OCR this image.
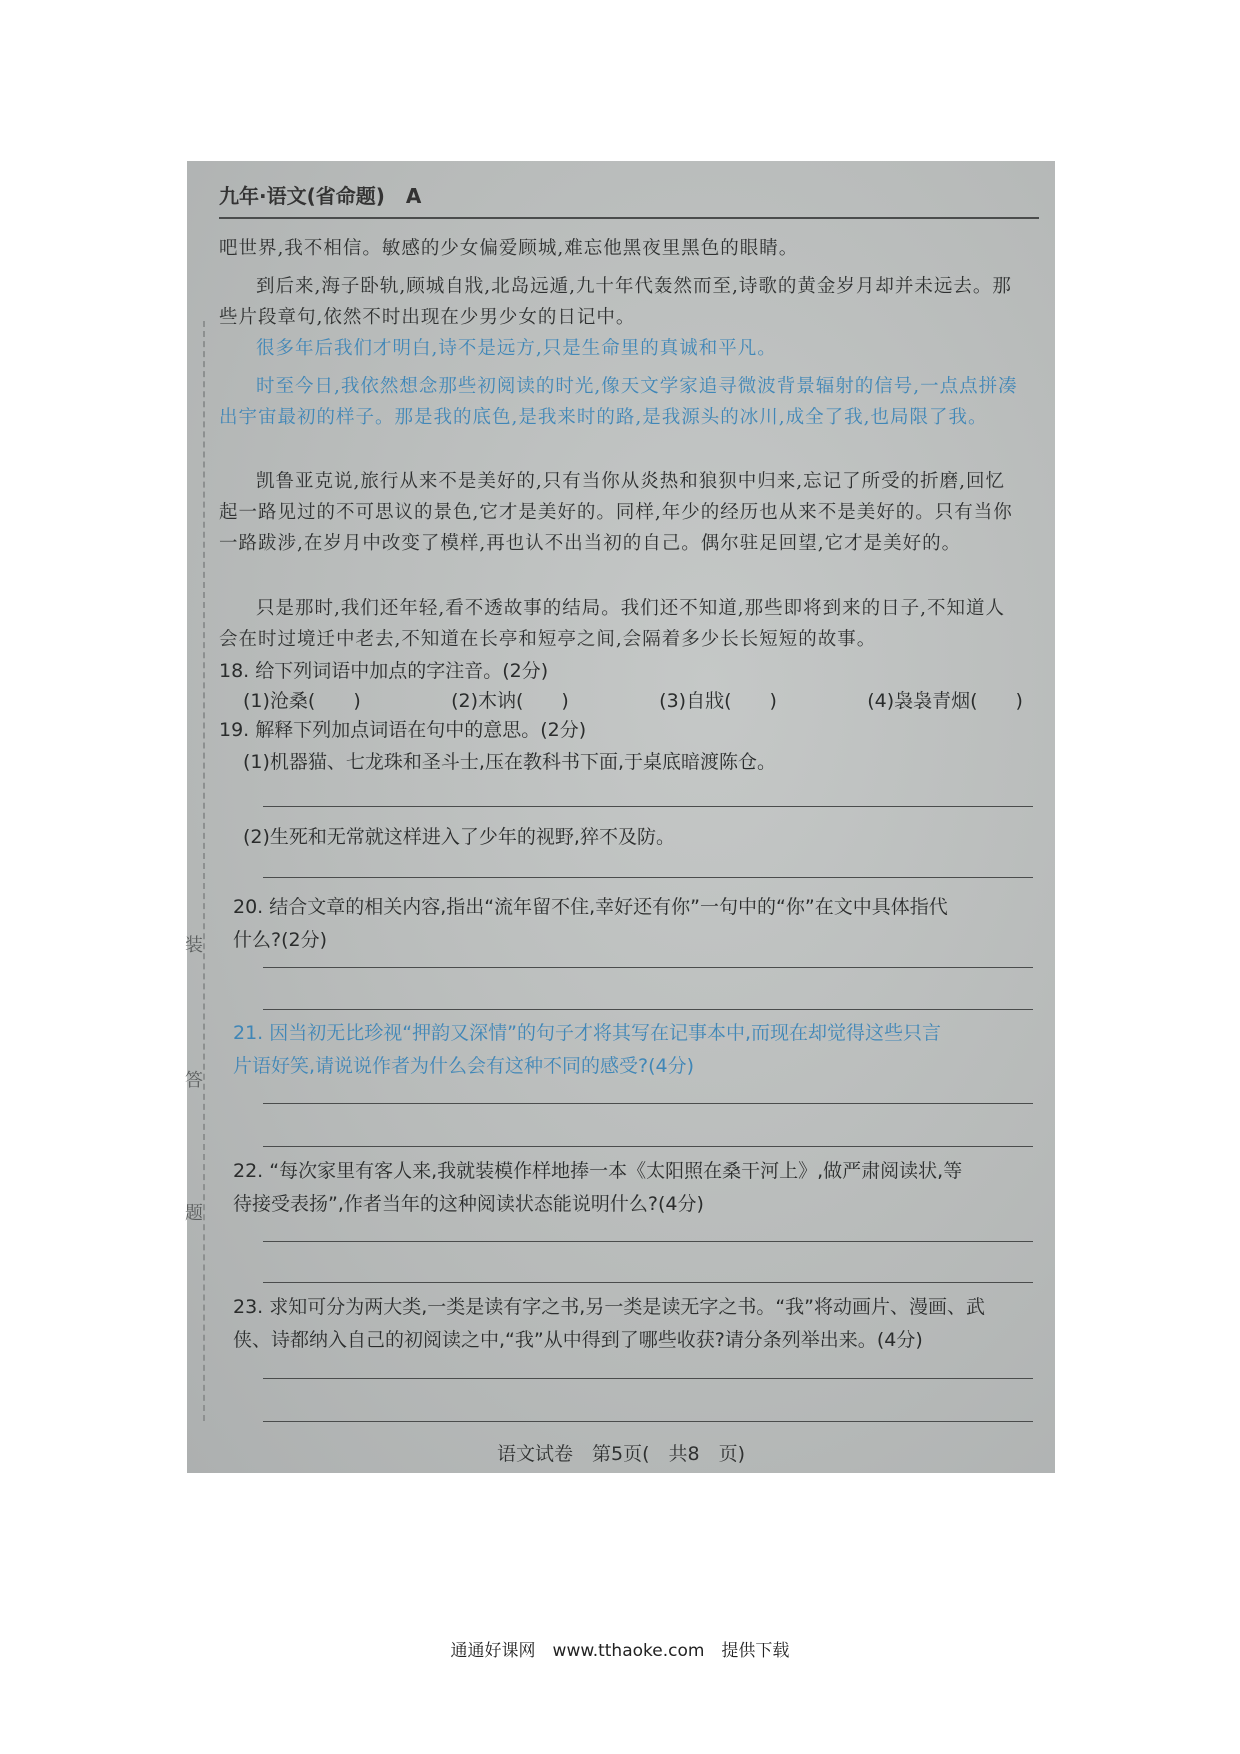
装
答
题
九年·语文(省命题) A
吧世界,我不相信。敏感的少女偏爱顾城,难忘他黑夜里黑色的眼睛。
到后来,海子卧轨,顾城自戕,北岛远遁,九十年代轰然而至,诗歌的黄金岁月却并未远去。那些片段章句,依然不时出现在少男少女的日记中。
很多年后我们才明白,诗不是远方,只是生命里的真诚和平凡。
时至今日,我依然想念那些初阅读的时光,像天文学家追寻微波背景辐射的信号,一点点拼凑出宇宙最初的样子。那是我的底色,是我来时的路,是我源头的冰川,成全了我,也局限了我。
凯鲁亚克说,旅行从来不是美好的,只有当你从炎热和狼狈中归来,忘记了所受的折磨,回忆起一路见过的不可思议的景色,它才是美好的。同样,年少的经历也从来不是美好的。只有当你一路跋涉,在岁月中改变了模样,再也认不出当初的自己。偶尔驻足回望,它才是美好的。
只是那时,我们还年轻,看不透故事的结局。我们还不知道,那些即将到来的日子,不知道人会在时过境迁中老去,不知道在长亭和短亭之间,会隔着多少长长短短的故事。
18. 给下列词语中加点的字注音。(2分)
(1)沧桑(　　)	(2)木讷(　　)	(3)自戕(　　)	(4)袅袅青烟(　　)
19. 解释下列加点词语在句中的意思。(2分)
(1)机器猫、七龙珠和圣斗士,压在教科书下面,于桌底暗渡陈仓。
(2)生死和无常就这样进入了少年的视野,猝不及防。
20. 结合文章的相关内容,指出“流年留不住,幸好还有你”一句中的“你”在文中具体指代
什么?(2分)
21. 因当初无比珍视“押韵又深情”的句子才将其写在记事本中,而现在却觉得这些只言
片语好笑,请说说作者为什么会有这种不同的感受?(4分)
22. “每次家里有客人来,我就装模作样地捧一本《太阳照在桑干河上》,做严肃阅读状,等
待接受表扬”,作者当年的这种阅读状态能说明什么?(4分)
23. 求知可分为两大类,一类是读有字之书,另一类是读无字之书。“我”将动画片、漫画、武
侠、诗都纳入自己的初阅读之中,“我”从中得到了哪些收获?请分条列举出来。(4分)
语文试卷　第5页(　共8　页)
通通好课网　www.tthaoke.com　提供下载
